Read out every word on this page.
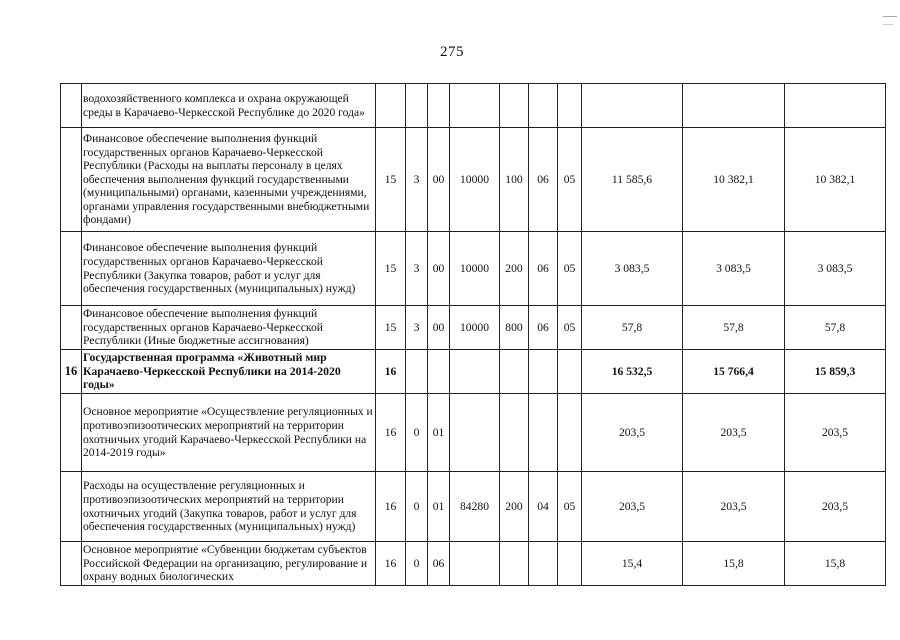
275
	водохозяйственного комплекса и охрана окружающей среды в Карачаево-Черкесской Республике до 2020 года»										
	Финансовое обеспечение выполнения функций государственных органов Карачаево-Черкесской Республики (Расходы на выплаты персоналу в целях обеспечения выполнения функций государственными (муниципальными) органами, казенными учреждениями, органами управления государственными внебюджетными фондами)	15	3	00	10000	100	06	05	11 585,6	10 382,1	10 382,1
	Финансовое обеспечение выполнения функций государственных органов Карачаево-Черкесской Республики (Закупка товаров, работ и услуг для обеспечения государственных (муниципальных) нужд)	15	3	00	10000	200	06	05	3 083,5	3 083,5	3 083,5
	Финансовое обеспечение выполнения функций государственных органов Карачаево-Черкесской Республики (Иные бюджетные ассигнования)	15	3	00	10000	800	06	05	57,8	57,8	57,8
16	Государственная программа «Животный мир Карачаево-Черкесской Республики на 2014-2020 годы»	16							16 532,5	15 766,4	15 859,3
	Основное мероприятие «Осуществление регуляционных и противоэпизоотических мероприятий на территории охотничьих угодий Карачаево-Черкесской Республики на 2014-2019 годы»	16	0	01					203,5	203,5	203,5
	Расходы на осуществление регуляционных и противоэпизоотических мероприятий на территории охотничьих угодий (Закупка товаров, работ и услуг для обеспечения государственных (муниципальных) нужд)	16	0	01	84280	200	04	05	203,5	203,5	203,5
	Основное мероприятие «Субвенции бюджетам субъектов Российской Федерации на организацию, регулирование и охрану водных биологических	16	0	06					15,4	15,8	15,8
